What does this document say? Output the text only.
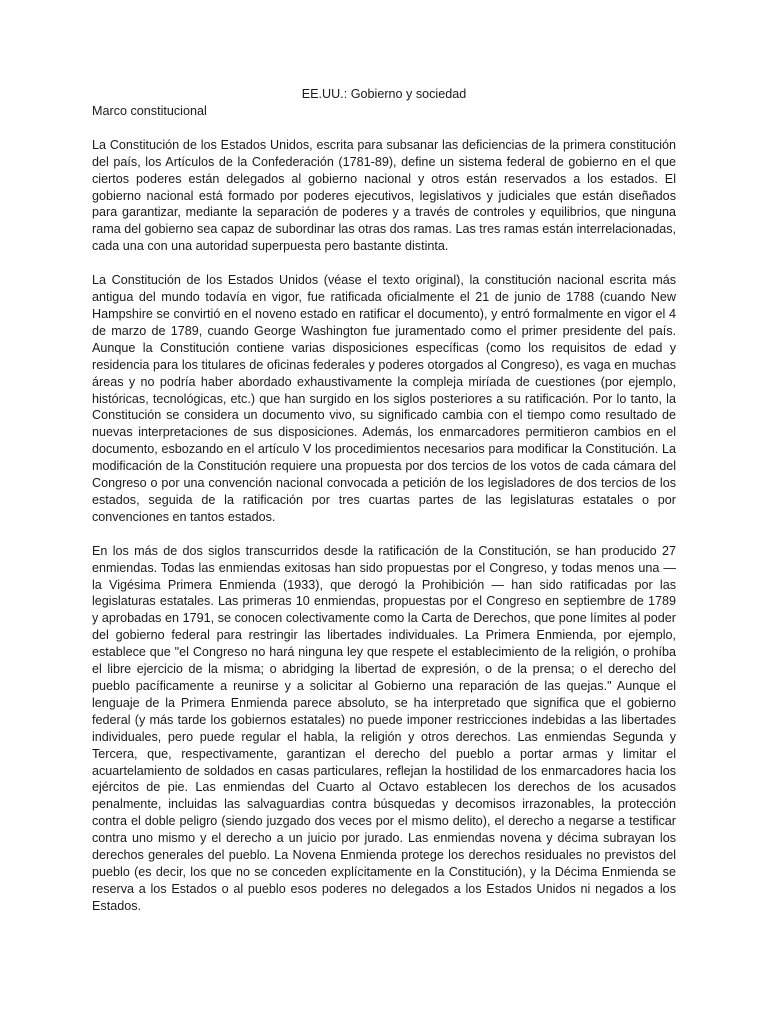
EE.UU.: Gobierno y sociedad
Marco constitucional

La Constitución de los Estados Unidos, escrita para subsanar las deficiencias de la primera constitución del país, los Artículos de la Confederación (1781-89), define un sistema federal de gobierno en el que ciertos poderes están delegados al gobierno nacional y otros están reservados a los estados. El gobierno nacional está formado por poderes ejecutivos, legislativos y judiciales que están diseñados para garantizar, mediante la separación de poderes y a través de controles y equilibrios, que ninguna rama del gobierno sea capaz de subordinar las otras dos ramas. Las tres ramas están interrelacionadas, cada una con una autoridad superpuesta pero bastante distinta.

La Constitución de los Estados Unidos (véase el texto original), la constitución nacional escrita más antigua del mundo todavía en vigor, fue ratificada oficialmente el 21 de junio de 1788 (cuando New Hampshire se convirtió en el noveno estado en ratificar el documento), y entró formalmente en vigor el 4 de marzo de 1789, cuando George Washington fue juramentado como el primer presidente del país. Aunque la Constitución contiene varias disposiciones específicas (como los requisitos de edad y residencia para los titulares de oficinas federales y poderes otorgados al Congreso), es vaga en muchas áreas y no podría haber abordado exhaustivamente la compleja miríada de cuestiones (por ejemplo, históricas, tecnológicas, etc.) que han surgido en los siglos posteriores a su ratificación. Por lo tanto, la Constitución se considera un documento vivo, su significado cambia con el tiempo como resultado de nuevas interpretaciones de sus disposiciones. Además, los enmarcadores permitieron cambios en el documento, esbozando en el artículo V los procedimientos necesarios para modificar la Constitución. La modificación de la Constitución requiere una propuesta por dos tercios de los votos de cada cámara del Congreso o por una convención nacional convocada a petición de los legisladores de dos tercios de los estados, seguida de la ratificación por tres cuartas partes de las legislaturas estatales o por convenciones en tantos estados.

En los más de dos siglos transcurridos desde la ratificación de la Constitución, se han producido 27 enmiendas. Todas las enmiendas exitosas han sido propuestas por el Congreso, y todas menos una — la Vigésima Primera Enmienda (1933), que derogó la Prohibición — han sido ratificadas por las legislaturas estatales. Las primeras 10 enmiendas, propuestas por el Congreso en septiembre de 1789 y aprobadas en 1791, se conocen colectivamente como la Carta de Derechos, que pone límites al poder del gobierno federal para restringir las libertades individuales. La Primera Enmienda, por ejemplo, establece que "el Congreso no hará ninguna ley que respete el establecimiento de la religión, o prohíba el libre ejercicio de la misma; o abridging la libertad de expresión, o de la prensa; o el derecho del pueblo pacíficamente a reunirse y a solicitar al Gobierno una reparación de las quejas." Aunque el lenguaje de la Primera Enmienda parece absoluto, se ha interpretado que significa que el gobierno federal (y más tarde los gobiernos estatales) no puede imponer restricciones indebidas a las libertades individuales, pero puede regular el habla, la religión y otros derechos. Las enmiendas Segunda y Tercera, que, respectivamente, garantizan el derecho del pueblo a portar armas y limitar el acuartelamiento de soldados en casas particulares, reflejan la hostilidad de los enmarcadores hacia los ejércitos de pie. Las enmiendas del Cuarto al Octavo establecen los derechos de los acusados penalmente, incluidas las salvaguardias contra búsquedas y decomisos irrazonables, la protección contra el doble peligro (siendo juzgado dos veces por el mismo delito), el derecho a negarse a testificar contra uno mismo y el derecho a un juicio por jurado. Las enmiendas novena y décima subrayan los derechos generales del pueblo. La Novena Enmienda protege los derechos residuales no previstos del pueblo (es decir, los que no se conceden explícitamente en la Constitución), y la Décima Enmienda se reserva a los Estados o al pueblo esos poderes no delegados a los Estados Unidos ni negados a los Estados.
